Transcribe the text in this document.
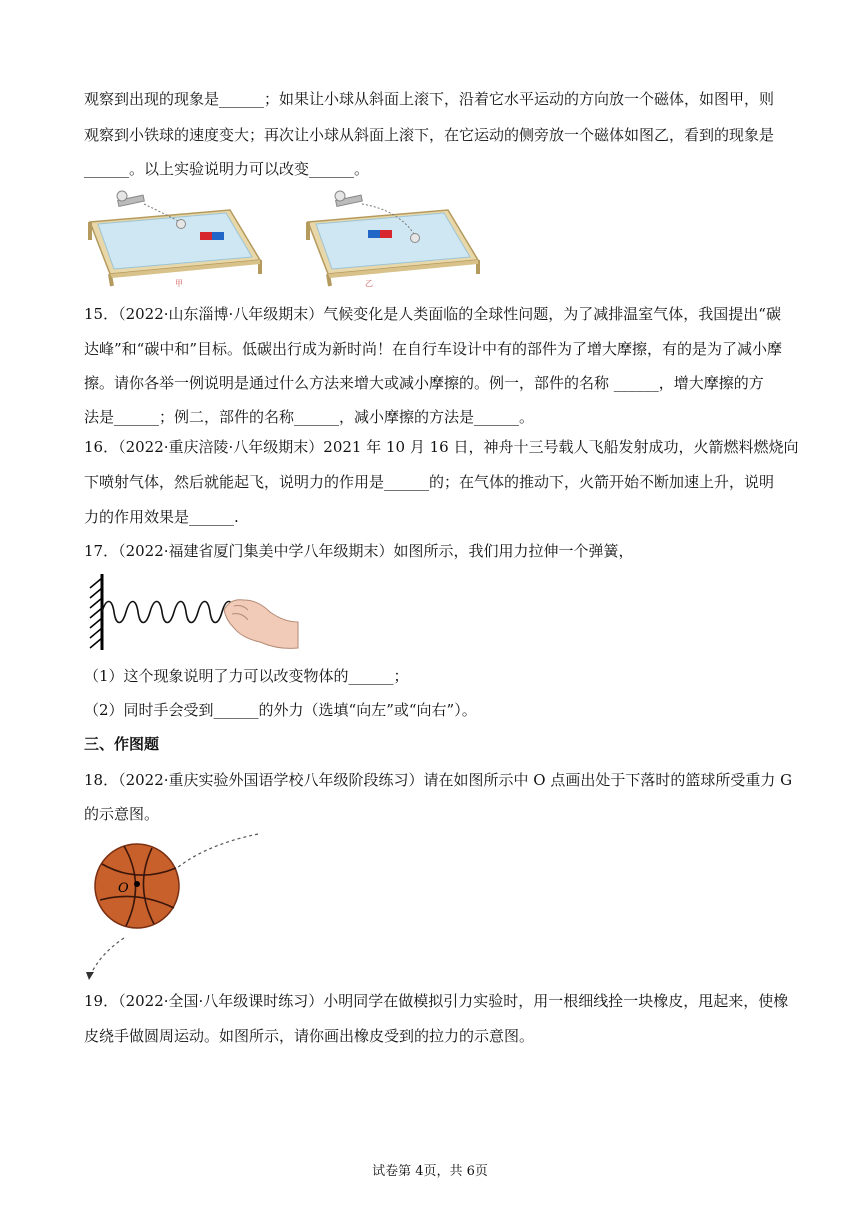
观察到出现的现象是______；如果让小球从斜面上滚下，沿着它水平运动的方向放一个磁体，如图甲，则
观察到小铁球的速度变大；再次让小球从斜面上滚下，在它运动的侧旁放一个磁体如图乙，看到的现象是
______。以上实验说明力可以改变______。
甲	乙
15．（2022·山东淄博·八年级期末）气候变化是人类面临的全球性问题，为了减排温室气体，我国提出“碳
达峰”和“碳中和”目标。低碳出行成为新时尚！在自行车设计中有的部件为了增大摩擦，有的是为了减小摩
擦。请你各举一例说明是通过什么方法来增大或减小摩擦的。例一，部件的名称 ______，增大摩擦的方
法是______；例二，部件的名称______，减小摩擦的方法是______。
16．（2022·重庆涪陵·八年级期末）2021 年 10 月 16 日，神舟十三号载人飞船发射成功，火箭燃料燃烧向
下喷射气体，然后就能起飞，说明力的作用是______的；在气体的推动下，火箭开始不断加速上升，说明
力的作用效果是______.
17．（2022·福建省厦门集美中学八年级期末）如图所示，我们用力拉伸一个弹簧，
（1）这个现象说明了力可以改变物体的______；
（2）同时手会受到______的外力（选填“向左”或“向右”）。
三、作图题
18．（2022·重庆实验外国语学校八年级阶段练习）请在如图所示中 O 点画出处于下落时的篮球所受重力 G
的示意图。
O
19．（2022·全国·八年级课时练习）小明同学在做模拟引力实验时，用一根细线拴一块橡皮，甩起来，使橡
皮绕手做圆周运动。如图所示，请你画出橡皮受到的拉力的示意图。
试卷第 4页，共 6页
